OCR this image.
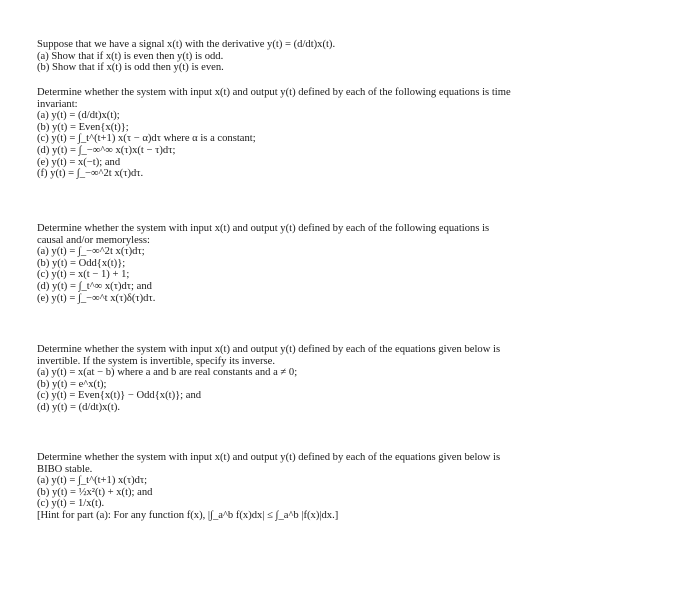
Suppose that we have a signal x(t) with the derivative y(t) = (d/dt)x(t).
(a) Show that if x(t) is even then y(t) is odd.
(b) Show that if x(t) is odd then y(t) is even.
Determine whether the system with input x(t) and output y(t) defined by each of the following equations is time
invariant:
(a) y(t) = (d/dt)x(t);
(b) y(t) = Even{x(t)};
(c) y(t) = ∫_t^(t+1) x(τ − α)dτ where α is a constant;
(d) y(t) = ∫_−∞^∞ x(τ)x(t − τ)dτ;
(e) y(t) = x(−t); and
(f) y(t) = ∫_−∞^2t x(τ)dτ.
Determine whether the system with input x(t) and output y(t) defined by each of the following equations is
causal and/or memoryless:
(a) y(t) = ∫_−∞^2t x(τ)dτ;
(b) y(t) = Odd{x(t)};
(c) y(t) = x(t − 1) + 1;
(d) y(t) = ∫_t^∞ x(τ)dτ; and
(e) y(t) = ∫_−∞^t x(τ)δ(τ)dτ.
Determine whether the system with input x(t) and output y(t) defined by each of the equations given below is
invertible. If the system is invertible, specify its inverse.
(a) y(t) = x(at − b) where a and b are real constants and a ≠ 0;
(b) y(t) = e^x(t);
(c) y(t) = Even{x(t)} − Odd{x(t)}; and
(d) y(t) = (d/dt)x(t).
Determine whether the system with input x(t) and output y(t) defined by each of the equations given below is
BIBO stable.
(a) y(t) = ∫_t^(t+1) x(τ)dτ;
(b) y(t) = ½x²(t) + x(t); and
(c) y(t) = 1/x(t).
[Hint for part (a): For any function f(x), |∫_a^b f(x)dx| ≤ ∫_a^b |f(x)|dx.]
